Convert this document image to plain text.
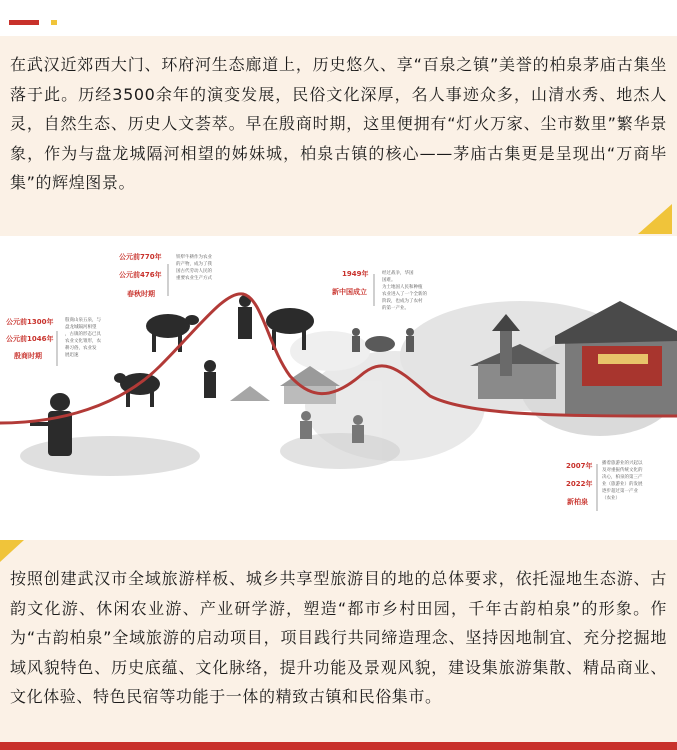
在武汉近郊西大门、环府河生态廊道上，历史悠久、享“百泉之镇”美誉的柏泉茅庙古集坐落于此。历经3500余年的演变发展，民俗文化深厚，名人事迹众多，山清水秀、地杰人灵，自然生态、历史人文荟萃。早在殷商时期，这里便拥有“灯火万家、尘市数里”繁华景象，作为与盘龙城隔河相望的姊妹城，柏泉古镇的核心——茅庙古集更是呈现出“万商毕集”的辉煌图景。

公元前1300年
公元前1046年
殷商时期
殷商山泉五泉，与
盘龙城隔河相望
，古镇的形态已具
农业文化雏形，农
耕习俗，农业发
展迅速
公元前770年
公元前476年
春秋时期
铁犁牛耕作为农业
的产物，成为了我
国古代劳动人民的
重要农业生产方式
1949年
新中国成立
经过战争，华国
国难。
为土地国人民和种植
农业进入了一个全新的
阶段，也成为了农村
的第一产业。
2007年
2022年
新柏泉
播着旅游业的兴起以
及对重振传统文化的
决心，柏泉的第三产
业（旅游业）的发展
逐步超过第一产业
（农业）

按照创建武汉市全域旅游样板、城乡共享型旅游目的地的总体要求，依托湿地生态游、古韵文化游、休闲农业游、产业研学游，塑造“都市乡村田园，千年古韵柏泉”的形象。作为“古韵柏泉”全域旅游的启动项目，项目践行共同缔造理念、坚持因地制宜、充分挖掘地域风貌特色、历史底蕴、文化脉络，提升功能及景观风貌，建设集旅游集散、精品商业、文化体验、特色民宿等功能于一体的精致古镇和民俗集市。
